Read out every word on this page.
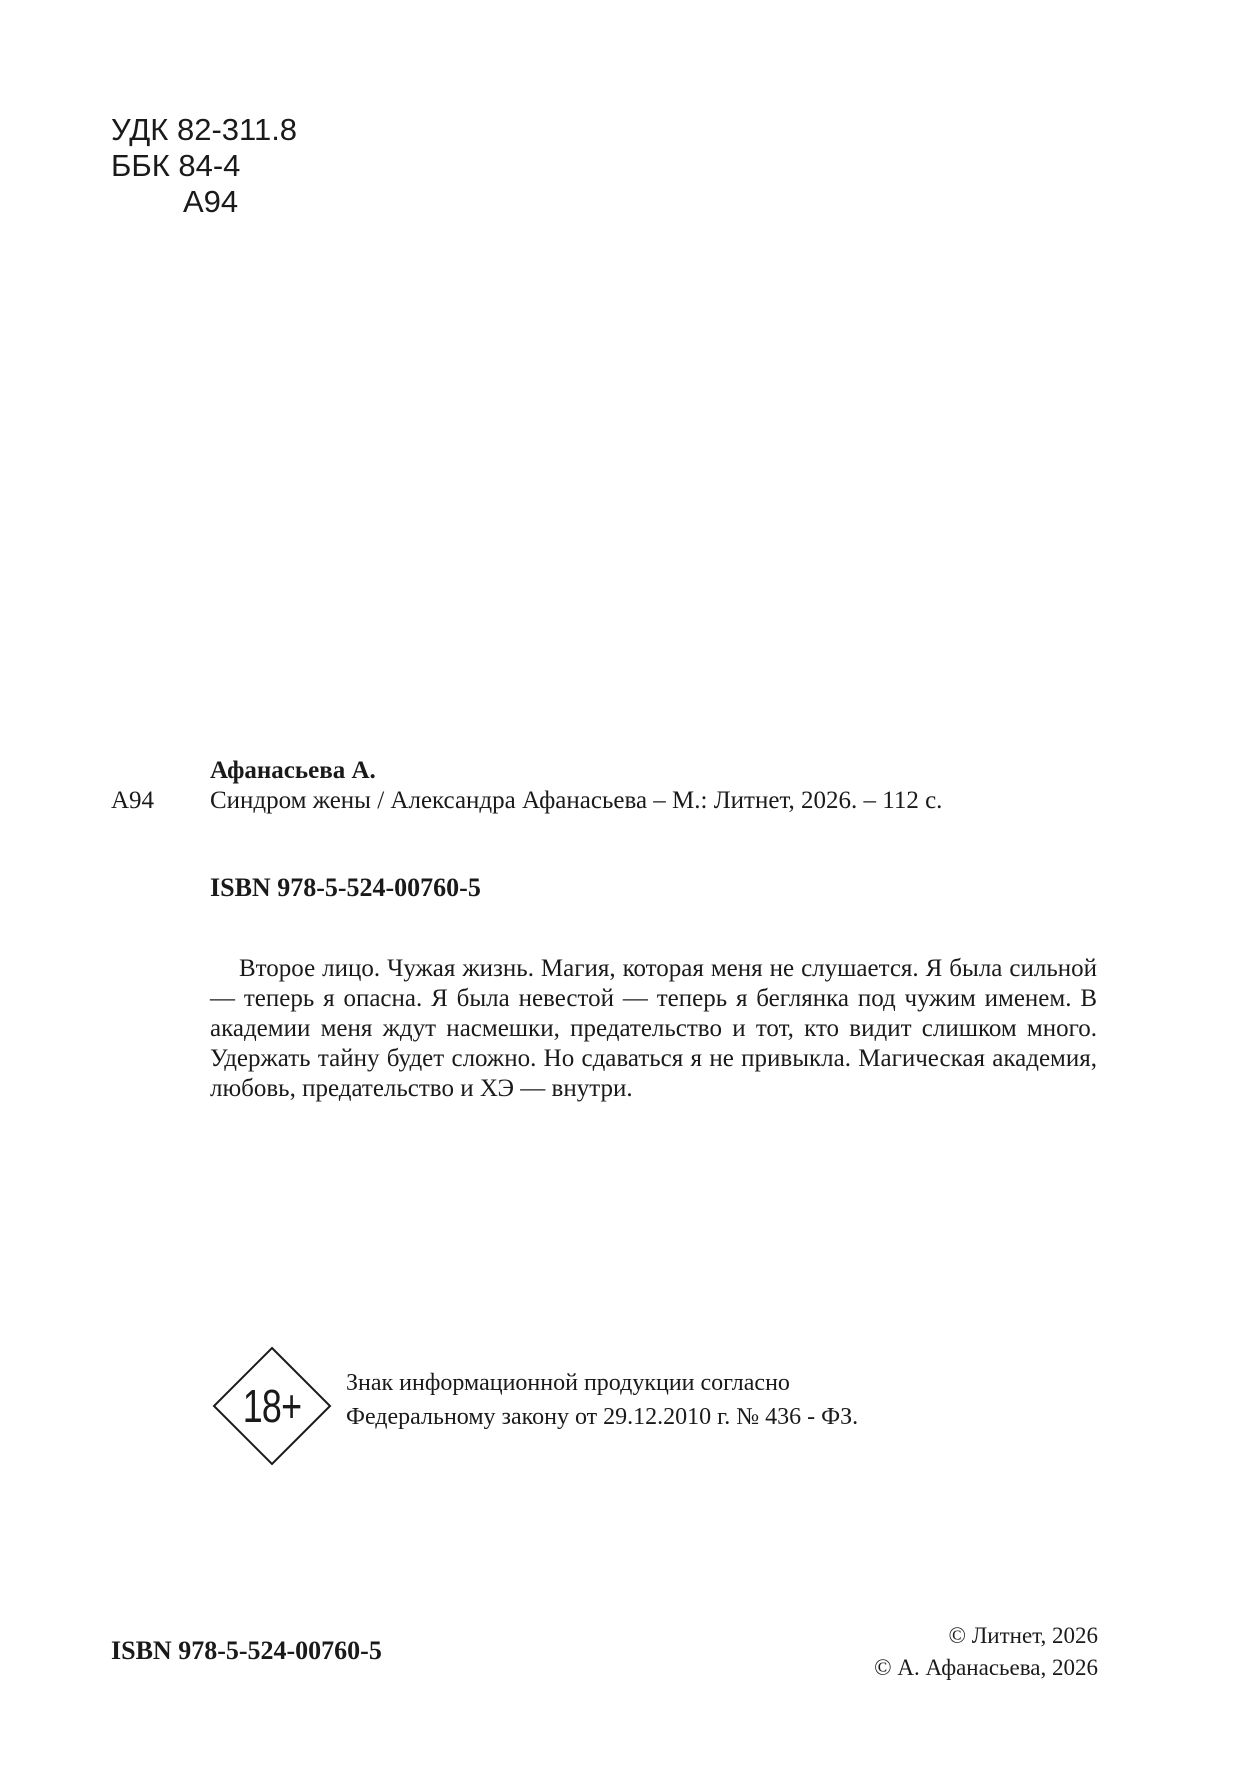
УДК 82-311.8
ББК 84-4
А94
Афанасьева А.
А94 Синдром жены / Александра Афанасьева – М.: Литнет, 2026. – 112 с.
ISBN 978-5-524-00760-5

Второе лицо. Чужая жизнь. Магия, которая меня не слушается. Я была сильной — теперь я опасна. Я была невестой — теперь я беглянка под чужим именем. В академии меня ждут насмешки, предательство и тот, кто видит слишком много. Удержать тайну будет сложно. Но сдаваться я не привыкла. Магическая академия, любовь, предательство и ХЭ — внутри.

18+	Знак информационной продукции согласно
Федеральному закону от 29.12.2010 г. № 436 - ФЗ.
ISBN 978-5-524-00760-5
© Литнет, 2026
© А. Афанасьева, 2026
